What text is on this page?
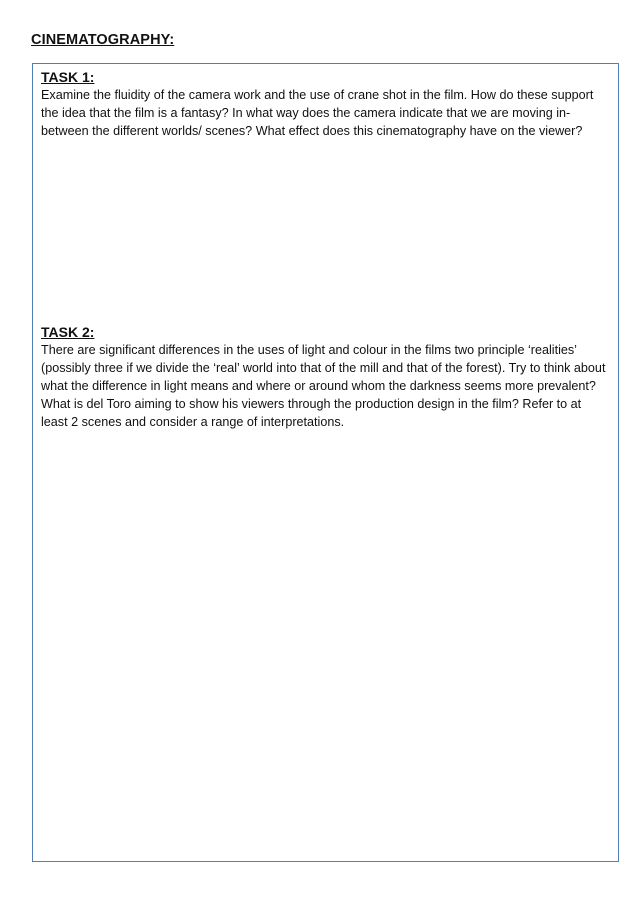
CINEMATOGRAPHY:
TASK 1:
Examine the fluidity of the camera work and the use of crane shot in the film. How do these support the idea that the film is a fantasy? In what way does the camera indicate that we are moving in-between the different worlds/ scenes? What effect does this cinematography have on the viewer?
TASK 2:
There are significant differences in the uses of light and colour in the films two principle ‘realities’ (possibly three if we divide the ‘real’ world into that of the mill and that of the forest). Try to think about what the difference in light means and where or around whom the darkness seems more prevalent? What is del Toro aiming to show his viewers through the production design in the film? Refer to at least 2 scenes and consider a range of interpretations.
